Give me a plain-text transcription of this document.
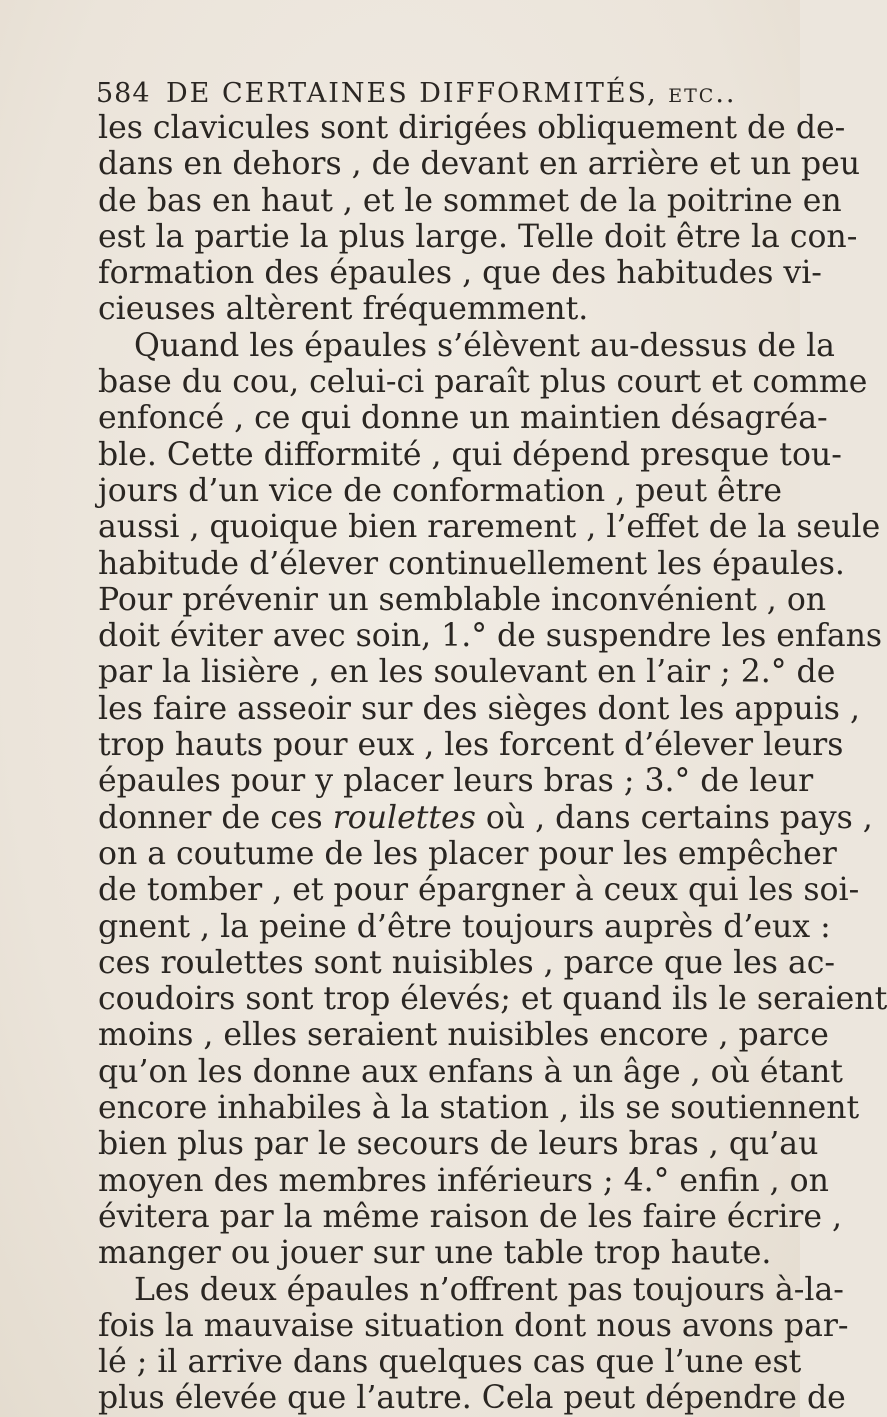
584 DE CERTAINES DIFFORMITÉS, etc..
les clavicules sont dirigées obliquement de de-
dans en dehors , de devant en arrière et un peu
de bas en haut , et le sommet de la poitrine en
est la partie la plus large. Telle doit être la con-
formation des épaules , que des habitudes vi-
cieuses altèrent fréquemment.
Quand les épaules s’élèvent au-dessus de la
base du cou, celui-ci paraît plus court et comme
enfoncé , ce qui donne un maintien désagréa-
ble. Cette difformité , qui dépend presque tou-
jours d’un vice de conformation , peut être
aussi , quoique bien rarement , l’effet de la seule
habitude d’élever continuellement les épaules.
Pour prévenir un semblable inconvénient , on
doit éviter avec soin, 1.° de suspendre les enfans
par la lisière , en les soulevant en l’air ; 2.° de
les faire asseoir sur des sièges dont les appuis ,
trop hauts pour eux , les forcent d’élever leurs
épaules pour y placer leurs bras ; 3.° de leur
donner de ces roulettes où , dans certains pays ,
on a coutume de les placer pour les empêcher
de tomber , et pour épargner à ceux qui les soi-
gnent , la peine d’être toujours auprès d’eux :
ces roulettes sont nuisibles , parce que les ac-
coudoirs sont trop élevés; et quand ils le seraient
moins , elles seraient nuisibles encore , parce
qu’on les donne aux enfans à un âge , où étant
encore inhabiles à la station , ils se soutiennent
bien plus par le secours de leurs bras , qu’au
moyen des membres inférieurs ; 4.° enfin , on
évitera par la même raison de les faire écrire ,
manger ou jouer sur une table trop haute.
Les deux épaules n’offrent pas toujours à-la-
fois la mauvaise situation dont nous avons par-
lé ; il arrive dans quelques cas que l’une est
plus élevée que l’autre. Cela peut dépendre de
